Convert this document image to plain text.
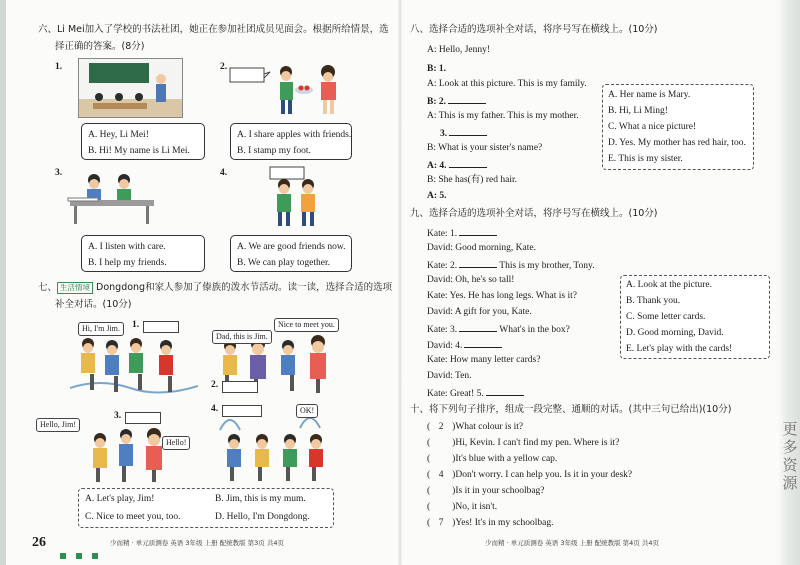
六、Li Mei加入了学校的书法社团，她正在参加社团成员见面会。根据所给情景，选
择正确的答案。(8分)
1.
A. Hey, Li Mei!
B. Hi! My name is Li Mei.
2.
A. I share apples with friends.
B. I stamp my foot.
3.
A. I listen with care.
B. I help my friends.
4.
A. We are good friends now.
B. We can play together.
七、 生活情境 Dongdong和家人参加了傣族的泼水节活动。读一读，选择合适的选项
补全对话。(10分)
Hi, I'm Jim.	1.
Dad, this is Jim.
Nice to meet you.
2.
Hello, Jim!
3.
Hello!
4.	OK!
A. Let's play, Jim!	B. Jim, this is my mum.
C. Nice to meet you, too.	D. Hello, I'm Dongdong.
26	少而精 · 单元质测卷 英语 3年级 上册 配统教版 第3页 共4页
八、选择合适的选项补全对话，将序号写在横线上。(10分)
A: Hello, Jenny!
B: 1.
A: Look at this picture. This is my family.
B: 2.
A: This is my father. This is my mother.
3.
B: What is your sister's name?
A: 4.
B: She has(有) red hair.
A: 5.
A. Her name is Mary.
B. Hi, Li Ming!
C. What a nice picture!
D. Yes. My mother has red hair, too.
E. This is my sister.
九、选择合适的选项补全对话，将序号写在横线上。(10分)
Kate: 1.
David: Good morning, Kate.
Kate: 2.	This is my brother, Tony.
David: Oh, he's so tall!
Kate: Yes. He has long legs. What is it?
David: A gift for you, Kate.
Kate: 3.	What's in the box?
David: 4.
Kate: How many letter cards?
David: Ten.
Kate: Great! 5.
A. Look at the picture.
B. Thank you.
C. Some letter cards.
D. Good morning, David.
E. Let's play with the cards!
十、将下列句子排序，组成一段完整、通顺的对话。(其中三句已给出)(10分)
( 2 )What colour is it?
( )Hi, Kevin. I can't find my pen. Where is it?
( )It's blue with a yellow cap.
( 4 )Don't worry. I can help you. Is it in your desk?
( )Is it in your schoolbag?
( )No, it isn't.
( 7 )Yes! It's in my schoolbag.
少而精 · 单元质测卷 英语 3年级 上册 配统教版 第4页 共4页
更
多
资
源
